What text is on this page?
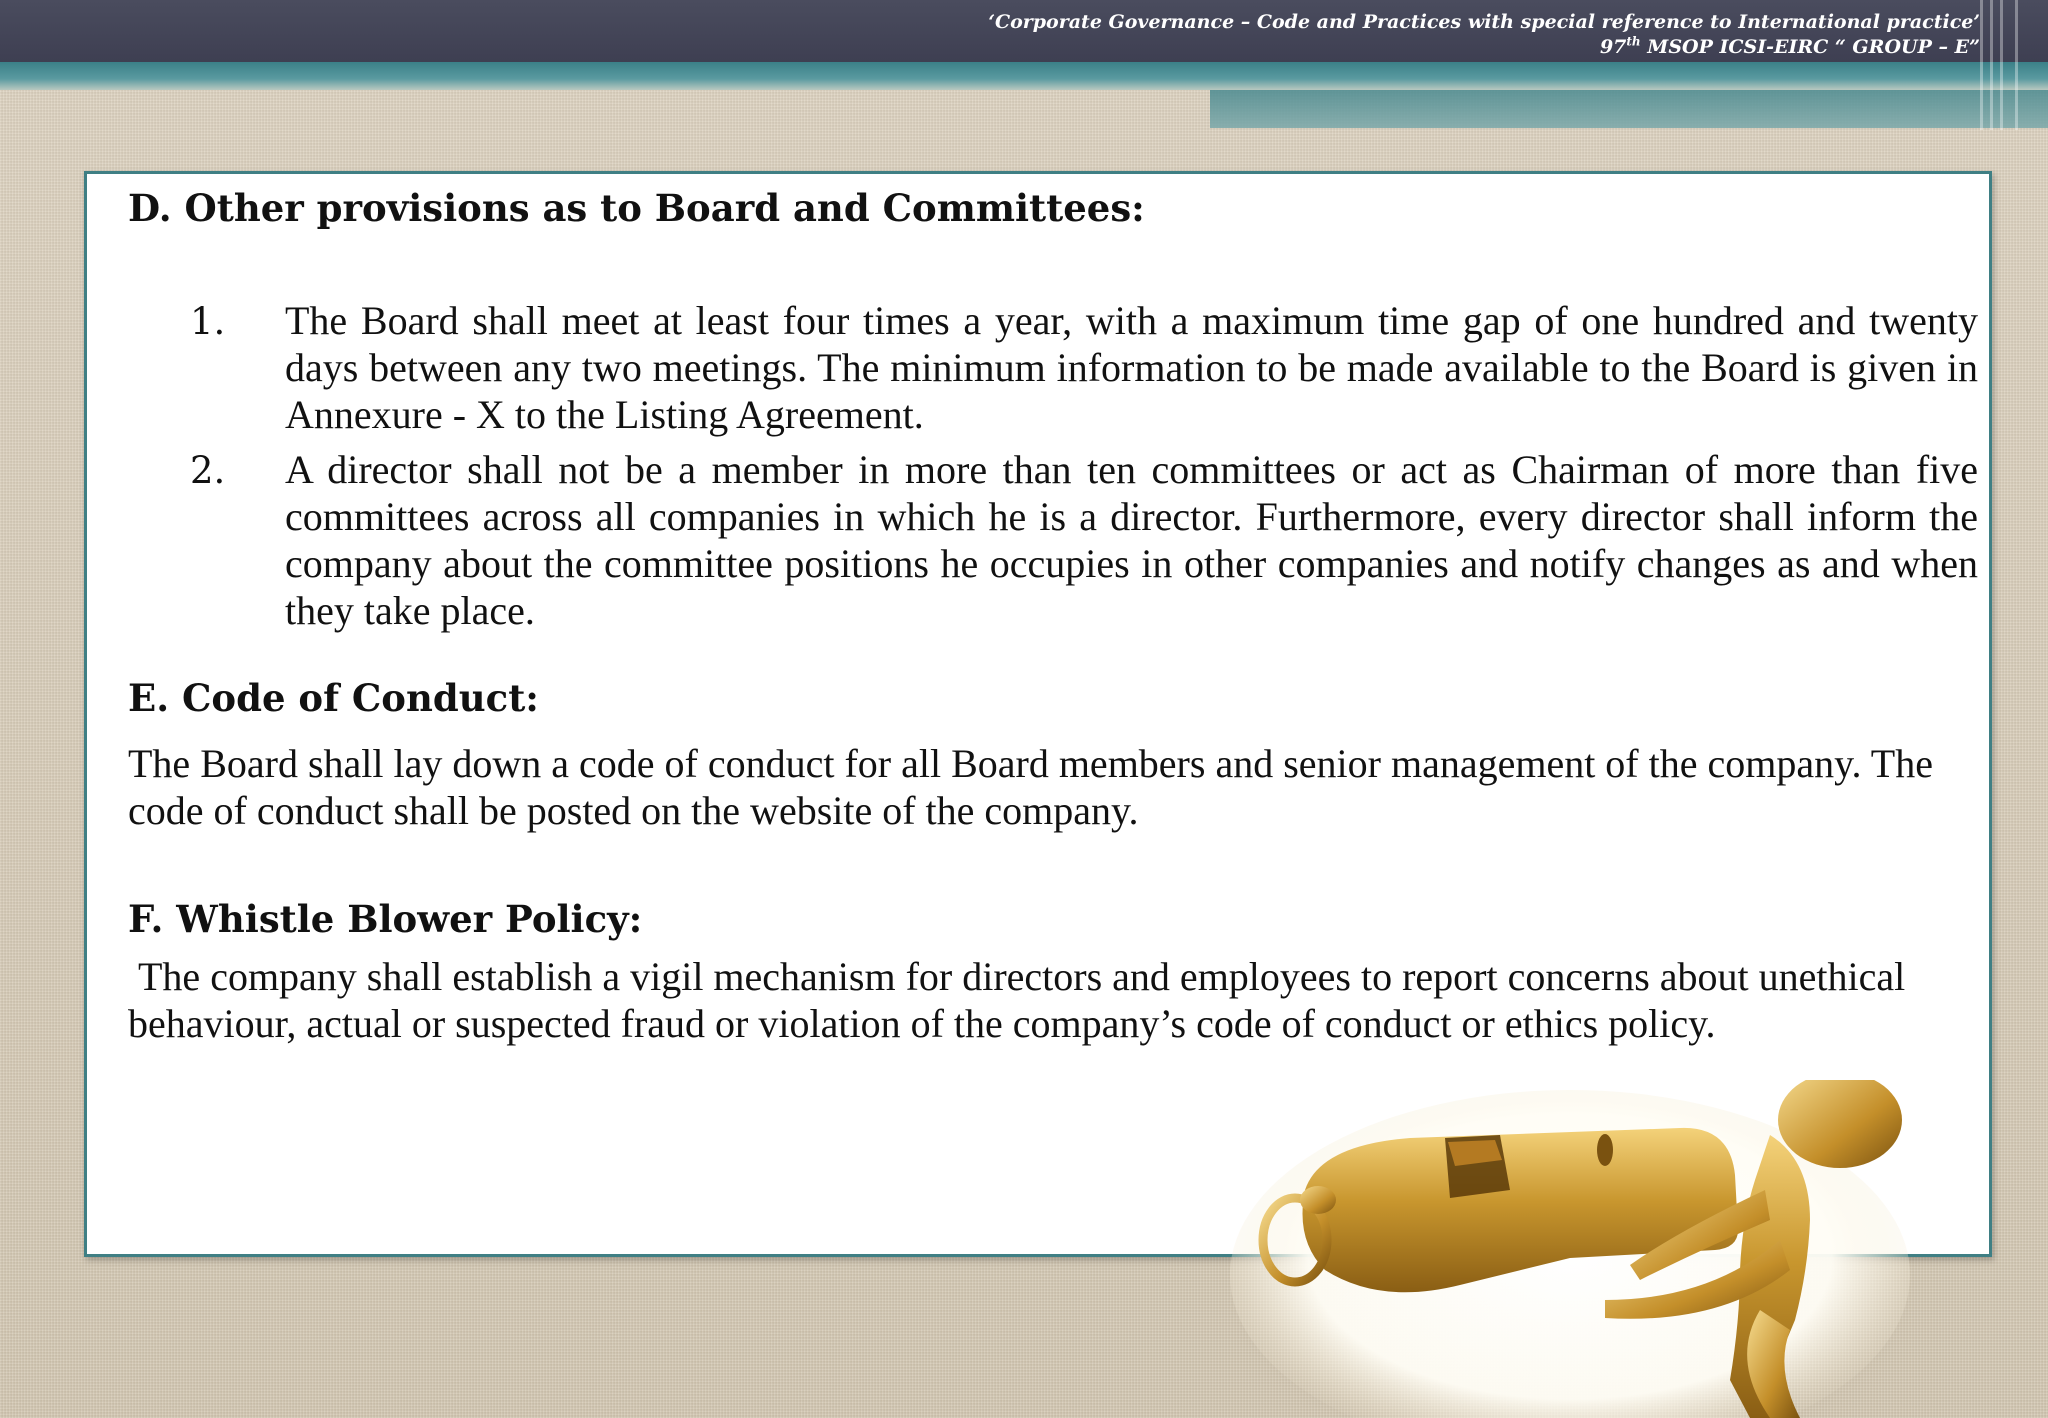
‘Corporate Governance – Code and Practices with special reference to International practice’
97th MSOP ICSI-EIRC “ GROUP – E”
D. Other provisions as to Board and Committees:
1. The Board shall meet at least four times a year, with a maximum time gap of one hundred and twenty days between any two meetings. The minimum information to be made available to the Board is given in Annexure - X to the Listing Agreement.
2. A director shall not be a member in more than ten committees or act as Chairman of more than five committees across all companies in which he is a director. Furthermore, every director shall inform the company about the committee positions he occupies in other companies and notify changes as and when they take place.
E. Code of Conduct:

The Board shall lay down a code of conduct for all Board members and senior management of the company. The code of conduct shall be posted on the website of the company.

F. Whistle Blower Policy:

The company shall establish a vigil mechanism for directors and employees to report concerns about unethical behaviour, actual or suspected fraud or violation of the company’s code of conduct or ethics policy.
